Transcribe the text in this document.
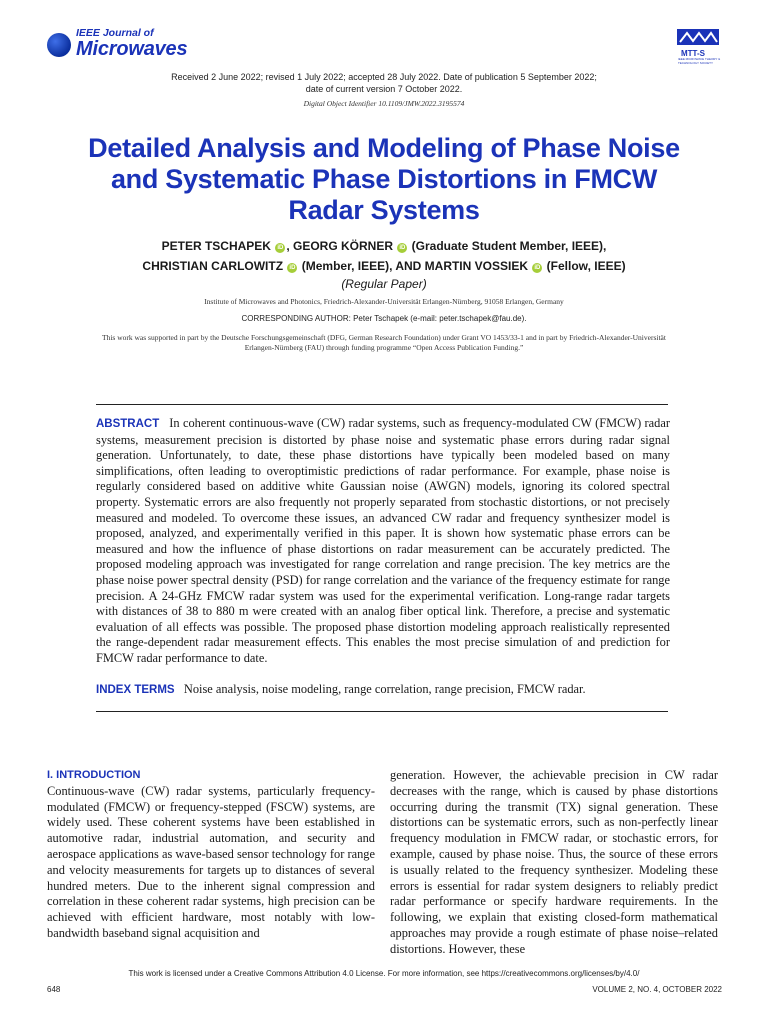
IEEE Journal of
Microwaves	MTT-S
IEEE MICROWAVE THEORY & TECHNOLOGY SOCIETY
Received 2 June 2022; revised 1 July 2022; accepted 28 July 2022. Date of publication 5 September 2022;
date of current version 7 October 2022.
Digital Object Identifier 10.1109/JMW.2022.3195574
Detailed Analysis and Modeling of Phase Noise and Systematic Phase Distortions in FMCW Radar Systems
PETER TSCHAPEK iD , GEORG KÖRNER iD (Graduate Student Member, IEEE),
CHRISTIAN CARLOWITZ iD (Member, IEEE), AND MARTIN VOSSIEK iD (Fellow, IEEE)
(Regular Paper)
Institute of Microwaves and Photonics, Friedrich-Alexander-Universität Erlangen-Nürnberg, 91058 Erlangen, Germany
CORRESPONDING AUTHOR: Peter Tschapek (e-mail: peter.tschapek@fau.de).
This work was supported in part by the Deutsche Forschungsgemeinschaft (DFG, German Research Foundation) under Grant VO 1453/33-1 and in part by Friedrich-Alexander-Universität Erlangen-Nürnberg (FAU) through funding programme “Open Access Publication Funding.”
ABSTRACT In coherent continuous-wave (CW) radar systems, such as frequency-modulated CW (FMCW) radar systems, measurement precision is distorted by phase noise and systematic phase errors during radar signal generation. Unfortunately, to date, these phase distortions have typically been modeled based on many simplifications, often leading to overoptimistic predictions of radar performance. For example, phase noise is regularly considered based on additive white Gaussian noise (AWGN) models, ignoring its colored spectral property. Systematic errors are also frequently not properly separated from stochastic distortions, or not precisely measured and modeled. To overcome these issues, an advanced CW radar and frequency synthesizer model is proposed, analyzed, and experimentally verified in this paper. It is shown how systematic phase errors can be measured and how the influence of phase distortions on radar measurement can be accurately predicted. The proposed modeling approach was investigated for range correlation and range precision. The key metrics are the phase noise power spectral density (PSD) for range correlation and the variance of the frequency estimate for range precision. A 24-GHz FMCW radar system was used for the experimental verification. Long-range radar targets with distances of 38 to 880 m were created with an analog fiber optical link. Therefore, a precise and systematic evaluation of all effects was possible. The proposed phase distortion modeling approach realistically represented the range-dependent radar measurement effects. This enables the most precise simulation of and prediction for FMCW radar performance to date.
INDEX TERMS Noise analysis, noise modeling, range correlation, range precision, FMCW radar.
I. INTRODUCTION
Continuous-wave (CW) radar systems, particularly frequency-modulated (FMCW) or frequency-stepped (FSCW) systems, are widely used. These coherent systems have been established in automotive radar, industrial automation, and security and aerospace applications as wave-based sensor technology for range and velocity measurements for targets up to distances of several hundred meters. Due to the inherent signal compression and correlation in these coherent radar systems, high precision can be achieved with efficient hardware, most notably with low-bandwidth baseband signal acquisition and
generation. However, the achievable precision in CW radar decreases with the range, which is caused by phase distortions occurring during the transmit (TX) signal generation. These distortions can be systematic errors, such as non-perfectly linear frequency modulation in FMCW radar, or stochastic errors, for example, caused by phase noise. Thus, the source of these errors is usually related to the frequency synthesizer. Modeling these errors is essential for radar system designers to reliably predict radar performance or specify hardware requirements. In the following, we explain that existing closed-form mathematical approaches may provide a rough estimate of phase noise–related distortions. However, these
This work is licensed under a Creative Commons Attribution 4.0 License. For more information, see https://creativecommons.org/licenses/by/4.0/
648	VOLUME 2, NO. 4, OCTOBER 2022
